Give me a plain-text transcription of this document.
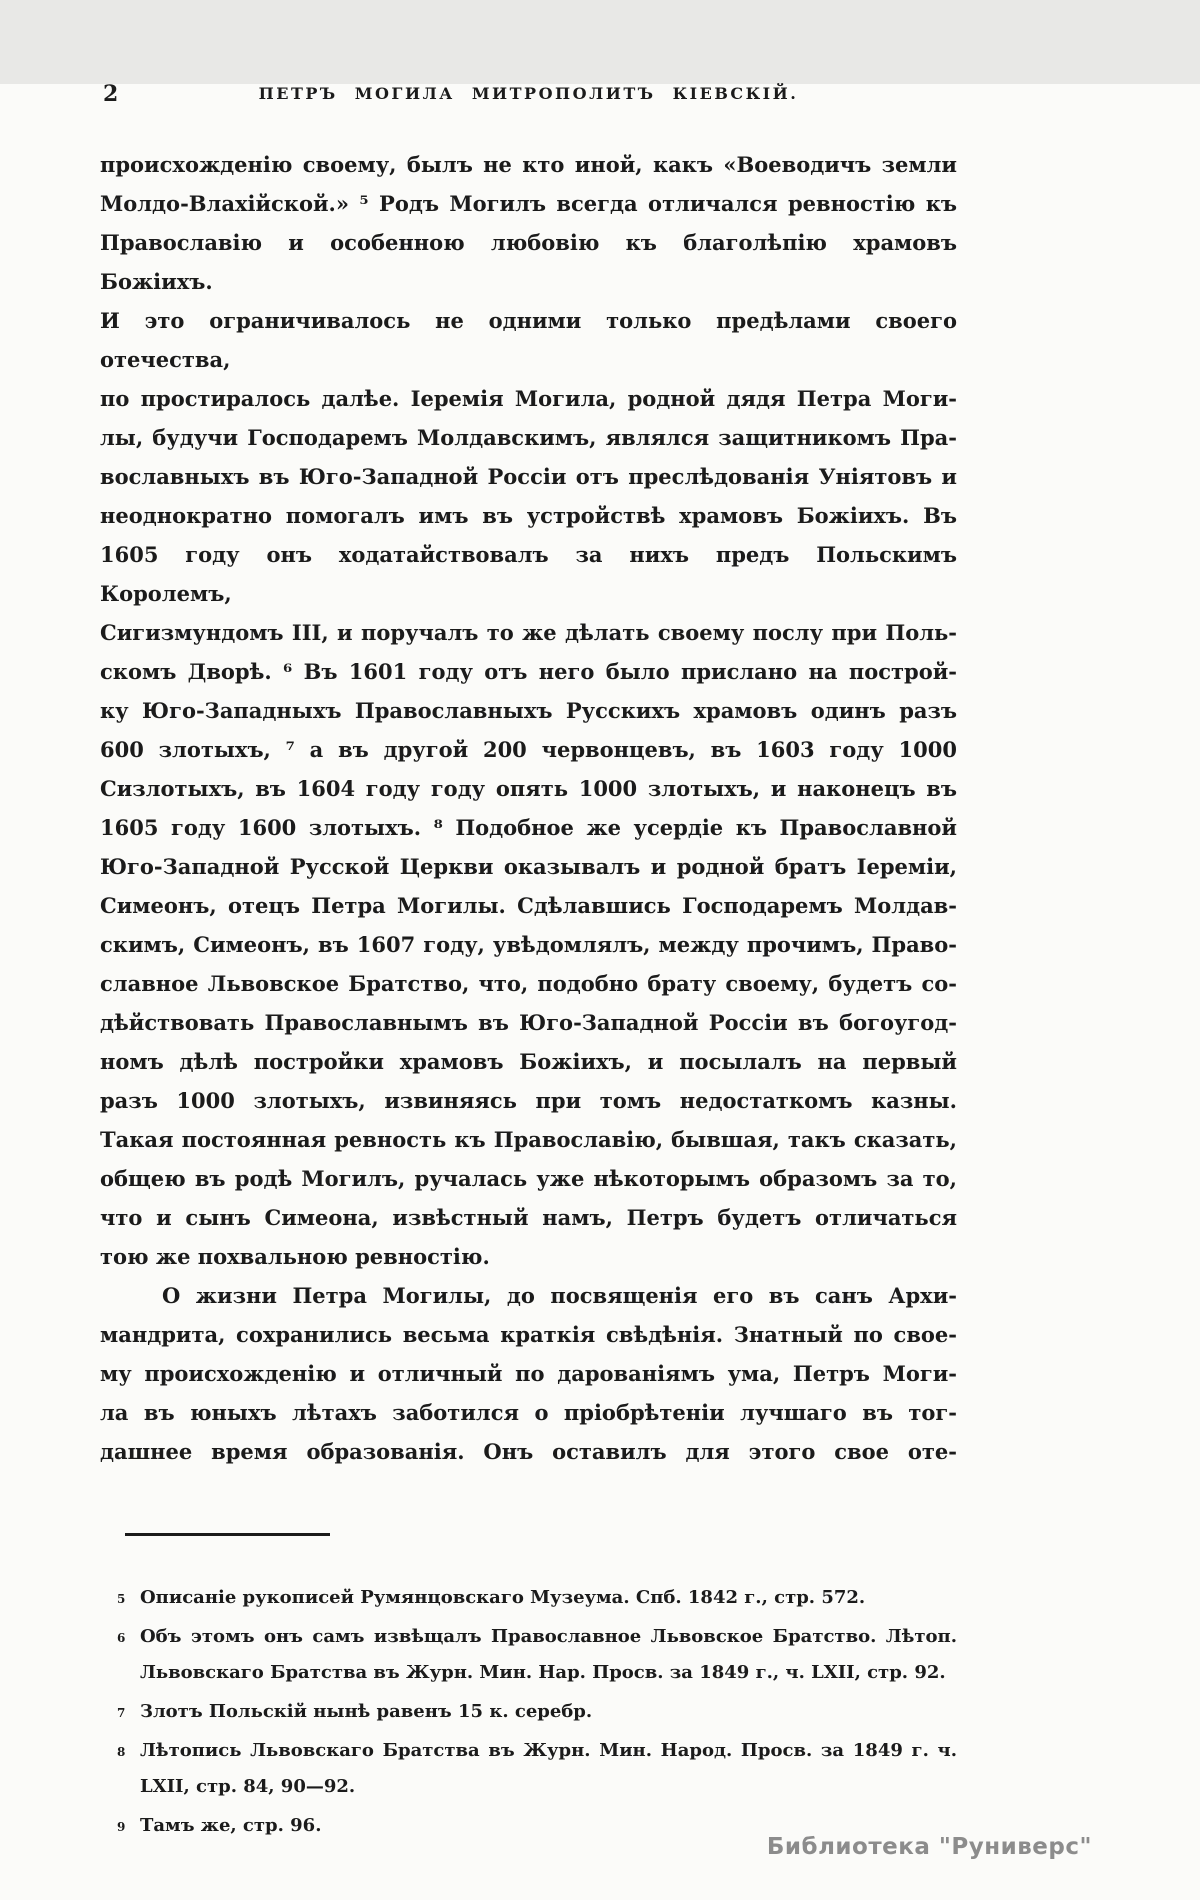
2	ПЕТРЪ МОГИЛА МИТРОПОЛИТЪ КІЕВСКІЙ.
происхожденію своему, былъ не кто иной, какъ «Воеводичъ земли
Молдо-Влахійской.» ⁵ Родъ Могилъ всегда отличался ревностію къ
Православію и особенною любовію къ благолѣпію храмовъ Божіихъ.
И это ограничивалось не одними только предѣлами своего отечества,
по простиралось далѣе. Іеремія Могила, родной дядя Петра Моги-
лы, будучи Господаремъ Молдавскимъ, являлся защитникомъ Пра-
вославныхъ въ Юго-Западной Россіи отъ преслѣдованія Уніятовъ и
неоднократно помогалъ имъ въ устройствѣ храмовъ Божіихъ. Въ
1605 году онъ ходатайствовалъ за нихъ предъ Польскимъ Королемъ,
Сигизмундомъ III, и поручалъ то же дѣлать своему послу при Поль-
скомъ Дворѣ. ⁶ Въ 1601 году отъ него было прислано на построй-
ку Юго-Западныхъ Православныхъ Русскихъ храмовъ одинъ разъ
600 злотыхъ, ⁷ а въ другой 200 червонцевъ, въ 1603 году 1000
Сизлотыхъ, въ 1604 году году опять 1000 злотыхъ, и наконецъ въ
1605 году 1600 злотыхъ. ⁸ Подобное же усердіе къ Православной
Юго-Западной Русской Церкви оказывалъ и родной братъ Іереміи,
Симеонъ, отецъ Петра Могилы. Сдѣлавшись Господаремъ Молдав-
скимъ, Симеонъ, въ 1607 году, увѣдомлялъ, между прочимъ, Право-
славное Львовское Братство, что, подобно брату своему, будетъ со-
дѣйствовать Православнымъ въ Юго-Западной Россіи въ богоугод-
номъ дѣлѣ постройки храмовъ Божіихъ, и посылалъ на первый
разъ 1000 злотыхъ, извиняясь при томъ недостаткомъ казны.
Такая постоянная ревность къ Православію, бывшая, такъ сказать,
общею въ родѣ Могилъ, ручалась уже нѣкоторымъ образомъ за то,
что и сынъ Симеона, извѣстный намъ, Петръ будетъ отличаться
тою же похвальною ревностію.
О жизни Петра Могилы, до посвященія его въ санъ Архи-
мандрита, сохранились весьма краткія свѣдѣнія. Знатный по свое-
му происхожденію и отличный по дарованіямъ ума, Петръ Моги-
ла въ юныхъ лѣтахъ заботился о пріобрѣтеніи лучшаго въ тог-
дашнее время образованія. Онъ оставилъ для этого свое оте-
5 Описаніе рукописей Румянцовскаго Музеума. Спб. 1842 г., стр. 572.
6 Объ этомъ онъ самъ извѣщалъ Православное Львовское Братство. Лѣтоп.
Львовскаго Братства въ Журн. Мин. Нар. Просв. за 1849 г., ч. LXII, стр. 92.
7 Злотъ Польскій нынѣ равенъ 15 к. серебр.
8 Лѣтопись Львовскаго Братства въ Журн. Мин. Народ. Просв. за 1849 г. ч.
LXII, стр. 84, 90—92.
9 Тамъ же, стр. 96.
Библиотека "Руниверс"
